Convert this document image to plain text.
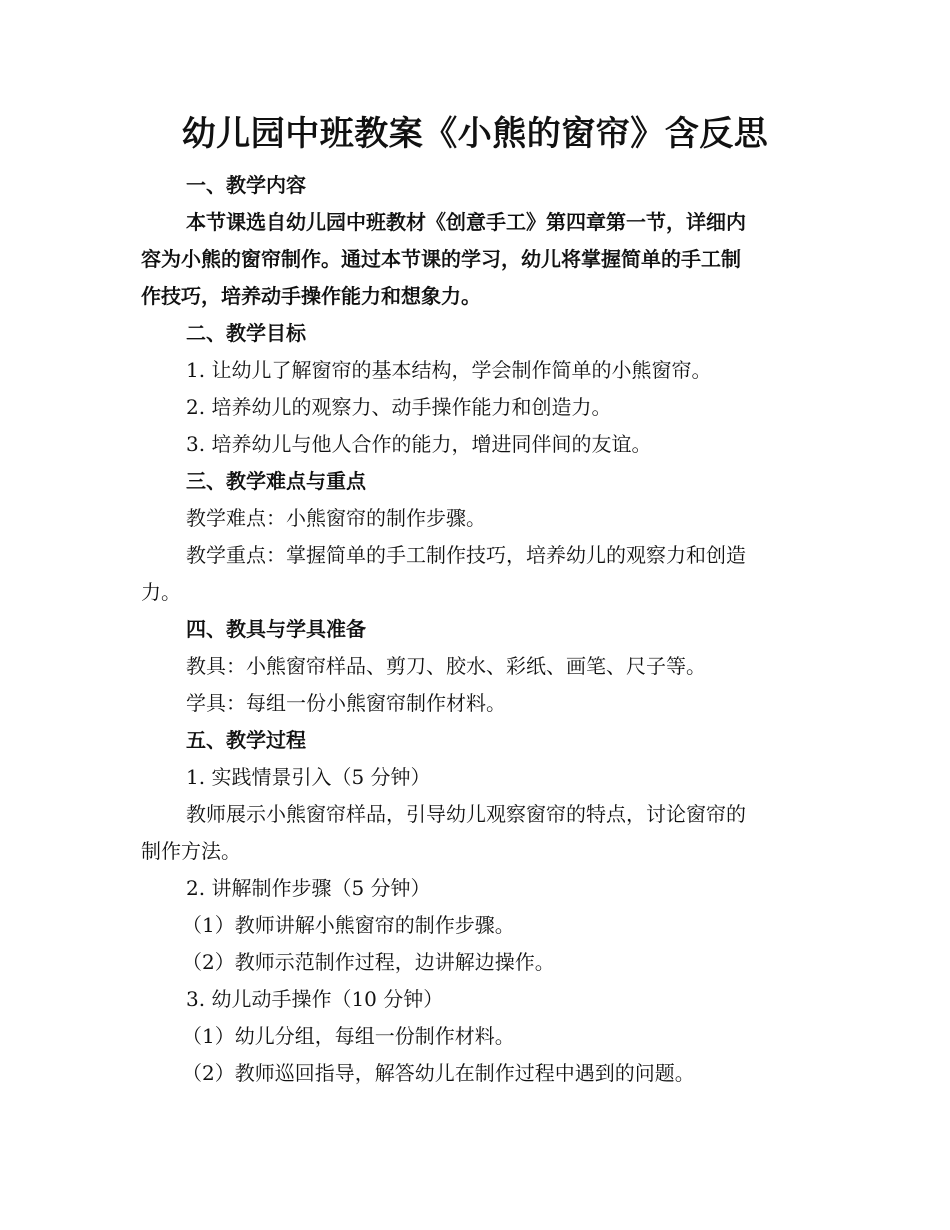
幼儿园中班教案《小熊的窗帘》含反思
一、教学内容
本节课选自幼儿园中班教材《创意手工》第四章第一节，详细内
容为小熊的窗帘制作。通过本节课的学习，幼儿将掌握简单的手工制
作技巧，培养动手操作能力和想象力。
二、教学目标
1. 让幼儿了解窗帘的基本结构，学会制作简单的小熊窗帘。
2. 培养幼儿的观察力、动手操作能力和创造力。
3. 培养幼儿与他人合作的能力，增进同伴间的友谊。
三、教学难点与重点
教学难点：小熊窗帘的制作步骤。
教学重点：掌握简单的手工制作技巧，培养幼儿的观察力和创造
力。
四、教具与学具准备
教具：小熊窗帘样品、剪刀、胶水、彩纸、画笔、尺子等。
学具：每组一份小熊窗帘制作材料。
五、教学过程
1. 实践情景引入（5 分钟）
教师展示小熊窗帘样品，引导幼儿观察窗帘的特点，讨论窗帘的
制作方法。
2. 讲解制作步骤（5 分钟）
（1）教师讲解小熊窗帘的制作步骤。
（2）教师示范制作过程，边讲解边操作。
3. 幼儿动手操作（10 分钟）
（1）幼儿分组，每组一份制作材料。
（2）教师巡回指导，解答幼儿在制作过程中遇到的问题。
